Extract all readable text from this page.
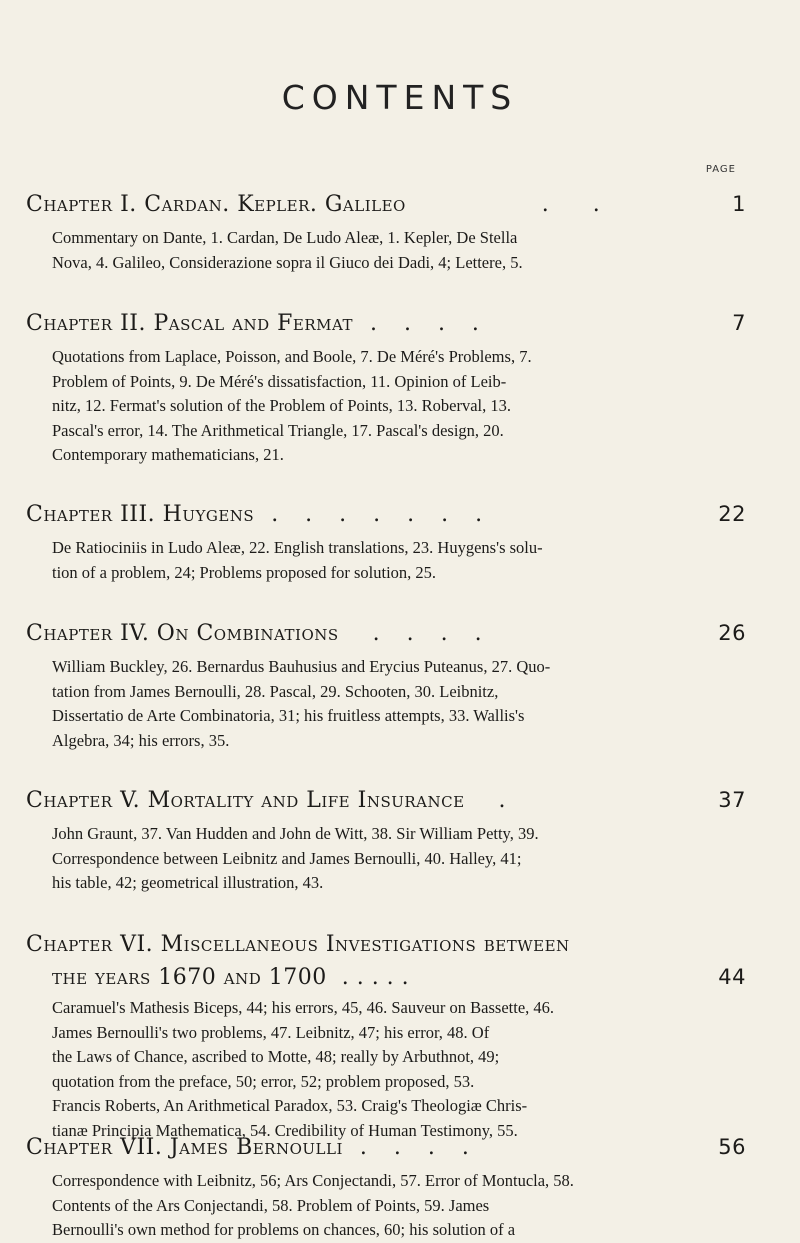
CONTENTS
PAGE
Chapter I. Cardan. Kepler. Galileo        .  .	1
Commentary on Dante, 1. Cardan, De Ludo Aleæ, 1. Kepler, De Stella
Nova, 4. Galileo, Considerazione sopra il Giuco dei Dadi, 4; Lettere, 5.
Chapter II. Pascal and Fermat . . . .	7
Quotations from Laplace, Poisson, and Boole, 7. De Méré's Problems, 7.
Problem of Points, 9. De Méré's dissatisfaction, 11. Opinion of Leib-
nitz, 12. Fermat's solution of the Problem of Points, 13. Roberval, 13.
Pascal's error, 14. The Arithmetical Triangle, 17. Pascal's design, 20.
Contemporary mathematicians, 21.
Chapter III. Huygens . . . . . . .	22
De Ratiociniis in Ludo Aleæ, 22. English translations, 23. Huygens's solu-
tion of a problem, 24; Problems proposed for solution, 25.
Chapter IV. On Combinations  . . . .	26
William Buckley, 26. Bernardus Bauhusius and Erycius Puteanus, 27. Quo-
tation from James Bernoulli, 28. Pascal, 29. Schooten, 30. Leibnitz,
Dissertatio de Arte Combinatoria, 31; his fruitless attempts, 33. Wallis's
Algebra, 34; his errors, 35.
Chapter V. Mortality and Life Insurance  .	37
John Graunt, 37. Van Hudden and John de Witt, 38. Sir William Petty, 39.
Correspondence between Leibnitz and James Bernoulli, 40. Halley, 41;
his table, 42; geometrical illustration, 43.
Chapter VI. Miscellaneous Investigations between
the years 1670 and 1700  . . . . .	44
Caramuel's Mathesis Biceps, 44; his errors, 45, 46. Sauveur on Bassette, 46.
James Bernoulli's two problems, 47. Leibnitz, 47; his error, 48. Of
the Laws of Chance, ascribed to Motte, 48; really by Arbuthnot, 49;
quotation from the preface, 50; error, 52; problem proposed, 53.
Francis Roberts, An Arithmetical Paradox, 53. Craig's Theologiæ Chris-
tianæ Principia Mathematica, 54. Credibility of Human Testimony, 55.
Chapter VII. James Bernoulli . . . .	56
Correspondence with Leibnitz, 56; Ars Conjectandi, 57. Error of Montucla, 58.
Contents of the Ars Conjectandi, 58. Problem of Points, 59. James
Bernoulli's own method for problems on chances, 60; his solution of a
